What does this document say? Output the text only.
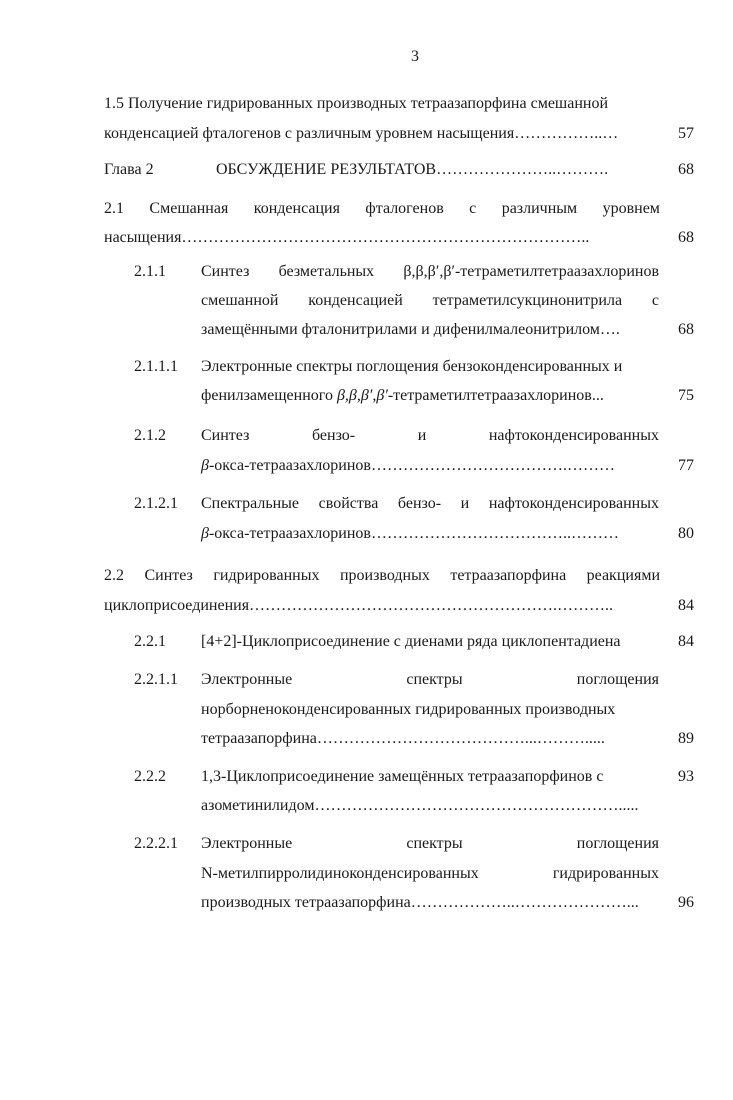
3
1.5 Получение гидрированных производных тетраазапорфина смешанной
конденсацией фталогенов с различным уровнем насыщения……………..…	57
Глава 2	ОБСУЖДЕНИЕ РЕЗУЛЬТАТОВ…………………..……….	68
2.1 Смешанная конденсация фталогенов с различным уровнем
насыщения…………………………………………………………………..	68
2.1.1 Синтез безметальных β,β,β′,β′-тетраметилтетраазахлоринов
смешанной конденсацией тетраметилсукцинонитрила с
замещёнными фталонитрилами и дифенилмалеонитрилом….	68
2.1.1.1 Электронные спектры поглощения бензоконденсированных и
фенилзамещенного β,β,β′,β′-тетраметилтетраазахлоринов...	75
2.1.2 Синтез	бензо-	и	нафтоконденсированных
β-окса-тетраазахлоринов……………………………….………	77
2.1.2.1 Спектральные свойства бензо- и нафтоконденсированных
β-окса-тетраазахлоринов………………………………..………	80
2.2 Синтез гидрированных производных тетраазапорфина реакциями
циклоприсоединения………………………………………………….………..	84
2.2.1 [4+2]-Циклоприсоединение с диенами ряда циклопентадиена	84
2.2.1.1 Электронные	спектры	поглощения
норборненоконденсированных гидрированных производных
тетраазапорфина…………………………………...……….....	89
2.2.2 1,3-Циклоприсоединение замещённых тетраазапорфинов с	93
азометинилидом………………………………………………….....
2.2.2.1 Электронные	спектры	поглощения
N-метилпирролидиноконденсированных	гидрированных
производных тетраазапорфина………………..…………………...	96
